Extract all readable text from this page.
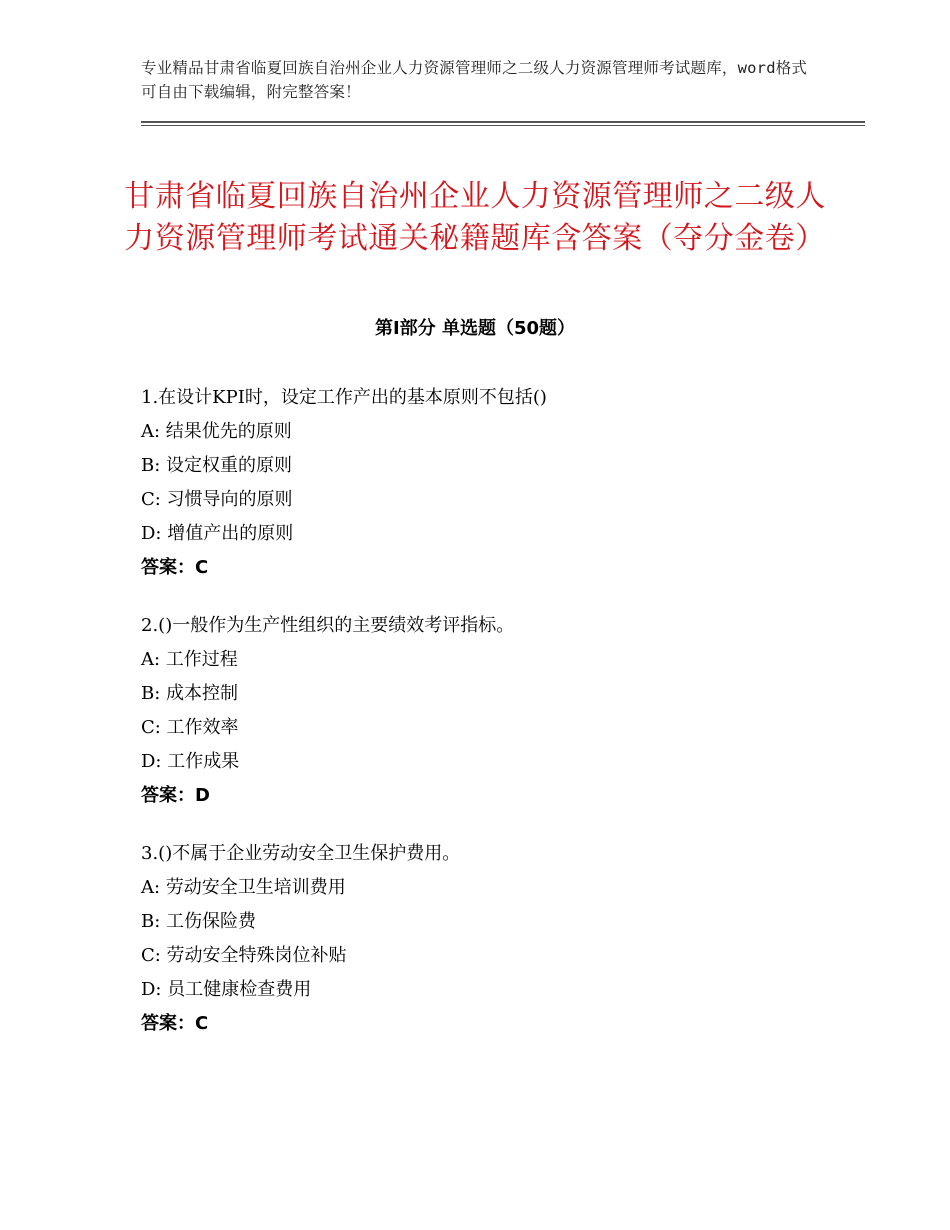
专业精品甘肃省临夏回族自治州企业人力资源管理师之二级人力资源管理师考试题库，word格式可自由下载编辑，附完整答案！
甘肃省临夏回族自治州企业人力资源管理师之二级人力资源管理师考试通关秘籍题库含答案（夺分金卷）
第Ⅰ部分 单选题（50题）
1.在设计KPI时，设定工作产出的基本原则不包括()
A: 结果优先的原则
B: 设定权重的原则
C: 习惯导向的原则
D: 增值产出的原则
答案：C
2.()一般作为生产性组织的主要绩效考评指标。
A: 工作过程
B: 成本控制
C: 工作效率
D: 工作成果
答案：D
3.()不属于企业劳动安全卫生保护费用。
A: 劳动安全卫生培训费用
B: 工伤保险费
C: 劳动安全特殊岗位补贴
D: 员工健康检查费用
答案：C
